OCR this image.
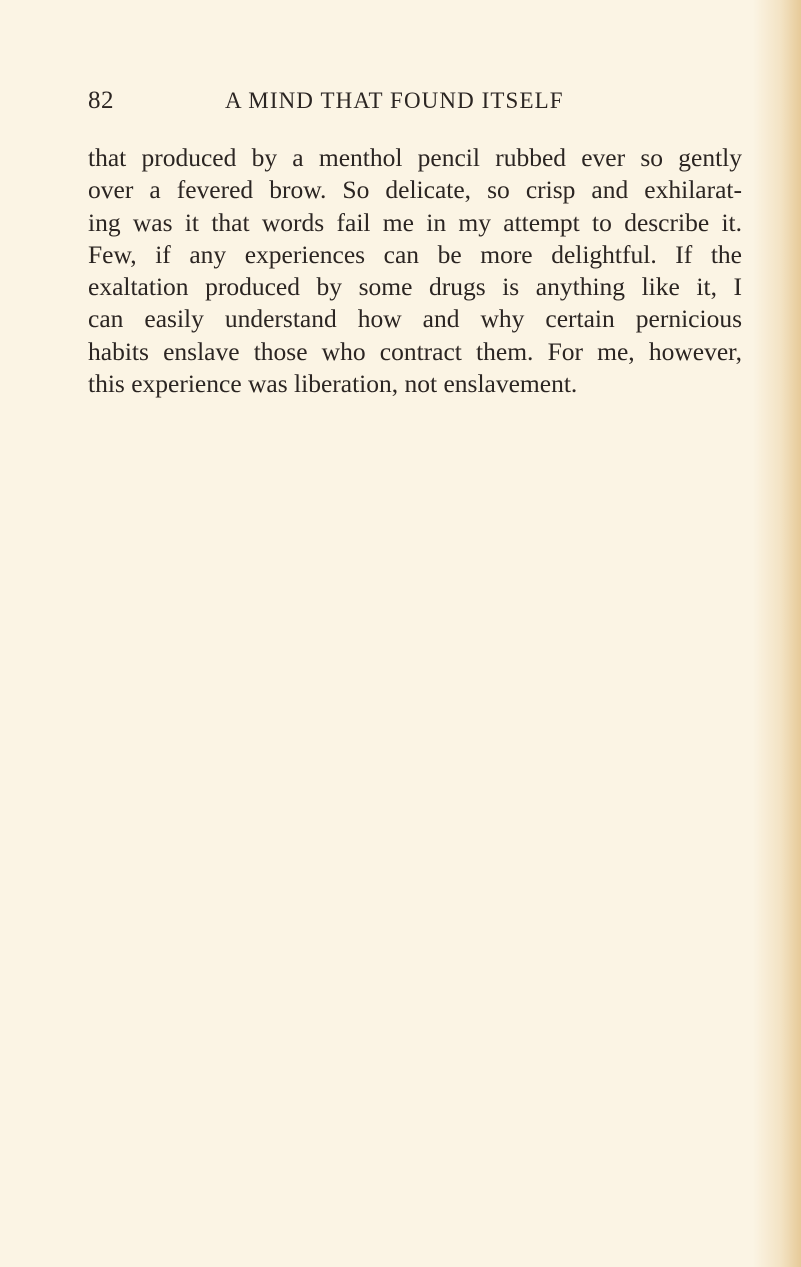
82	A MIND THAT FOUND ITSELF
that produced by a menthol pencil rubbed ever so gently
over a fevered brow. So delicate, so crisp and exhilarat-
ing was it that words fail me in my attempt to describe it.
Few, if any experiences can be more delightful. If the
exaltation produced by some drugs is anything like it, I
can easily understand how and why certain pernicious
habits enslave those who contract them. For me, however,
this experience was liberation, not enslavement.
